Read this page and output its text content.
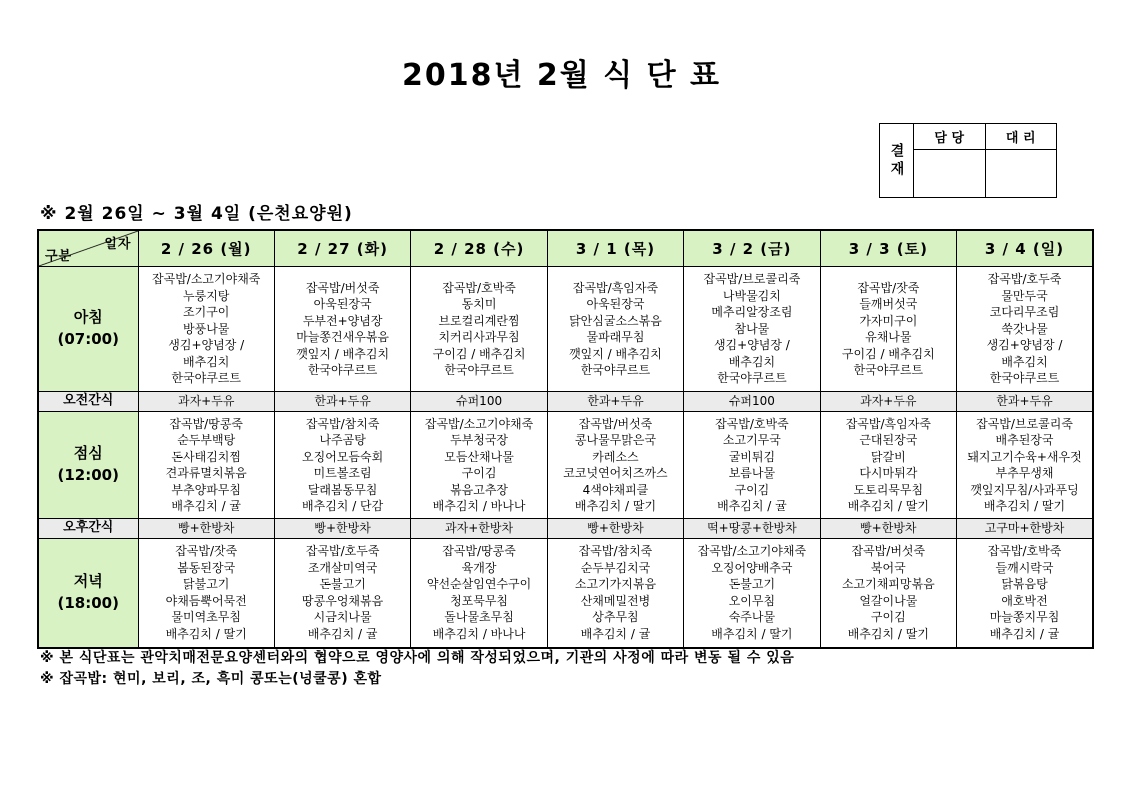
2018년 2월 식 단 표
결재
담 당	대 리
※ 2월 26일 ~ 3월 4일 (은천요양원)
일자
구분	2 / 26 (월)	2 / 27 (화)	2 / 28 (수)	3 / 1 (목)	3 / 2 (금)	3 / 3 (토)	3 / 4 (일)

아침
(07:00)

잡곡밥/소고기야채죽
누룽지탕
조기구이
방풍나물
생김+양념장 /
배추김치
한국야쿠르트

잡곡밥/버섯죽
아욱된장국
두부전+양념장
마늘쫑건새우볶음
깻잎지 / 배추김치
한국야쿠르트

잡곡밥/호박죽
동치미
브로컬리계란찜
치커리사과무침
구이김 / 배추김치
한국야쿠르트

잡곡밥/흑임자죽
아욱된장국
닭안심굴소스볶음
물파래무침
깻잎지 / 배추김치
한국야쿠르트

잡곡밥/브로콜리죽
나박물김치
메추리알장조림
참나물
생김+양념장 /
배추김치
한국야쿠르트

잡곡밥/잣죽
들깨버섯국
가자미구이
유채나물
구이김 / 배추김치
한국야쿠르트

잡곡밥/호두죽
물만두국
코다리무조림
쑥갓나물
생김+양념장 /
배추김치
한국야쿠르트

오전간식	과자+두유	한과+두유	슈퍼100	한과+두유	슈퍼100	과자+두유	한과+두유

점심
(12:00)

잡곡밥/땅콩죽
순두부백탕
돈사태김치찜
견과류멸치볶음
부추양파무침
배추김치 / 귤

잡곡밥/참치죽
나주곰탕
오징어모듬숙회
미트볼조림
달래봄동무침
배추김치 / 단감

잡곡밥/소고기야채죽
두부청국장
모듬산채나물
구이김
볶음고추장
배추김치 / 바나나

잡곡밥/버섯죽
콩나물무맑은국
카레소스
코코넛연어치즈까스
4색야채피클
배추김치 / 딸기

잡곡밥/호박죽
소고기무국
굴비튀김
보름나물
구이김
배추김치 / 귤

잡곡밥/흑임자죽
근대된장국
닭갈비
다시마튀각
도토리묵무침
배추김치 / 딸기

잡곡밥/브로콜리죽
배추된장국
돼지고기수육+새우젓
부추무생채
깻잎지무침/사과푸딩
배추김치 / 딸기

오후간식	빵+한방차	빵+한방차	과자+한방차	빵+한방차	떡+땅콩+한방차	빵+한방차	고구마+한방차

저녁
(18:00)

잡곡밥/잣죽
봄동된장국
닭불고기
야채듬뿍어묵전
물미역초무침
배추김치 / 딸기

잡곡밥/호두죽
조개살미역국
돈불고기
땅콩우엉채볶음
시금치나물
배추김치 / 귤

잡곡밥/땅콩죽
육개장
약선순살임연수구이
청포묵무침
돌나물초무침
배추김치 / 바나나

잡곡밥/참치죽
순두부김치국
소고기가지볶음
산채메밀전병
상추무침
배추김치 / 귤

잡곡밥/소고기야채죽
오징어양배추국
돈불고기
오이무침
숙주나물
배추김치 / 딸기

잡곡밥/버섯죽
북어국
소고기채피망볶음
얼갈이나물
구이김
배추김치 / 딸기

잡곡밥/호박죽
들깨시락국
닭볶음탕
애호박전
마늘쫑지무침
배추김치 / 귤
※ 본 식단표는 관악치매전문요양센터와의 협약으로 영양사에 의해 작성되었으며, 기관의 사정에 따라 변동 될 수 있음
※ 잡곡밥: 현미, 보리, 조, 흑미 콩또는(넝쿨콩) 혼합
